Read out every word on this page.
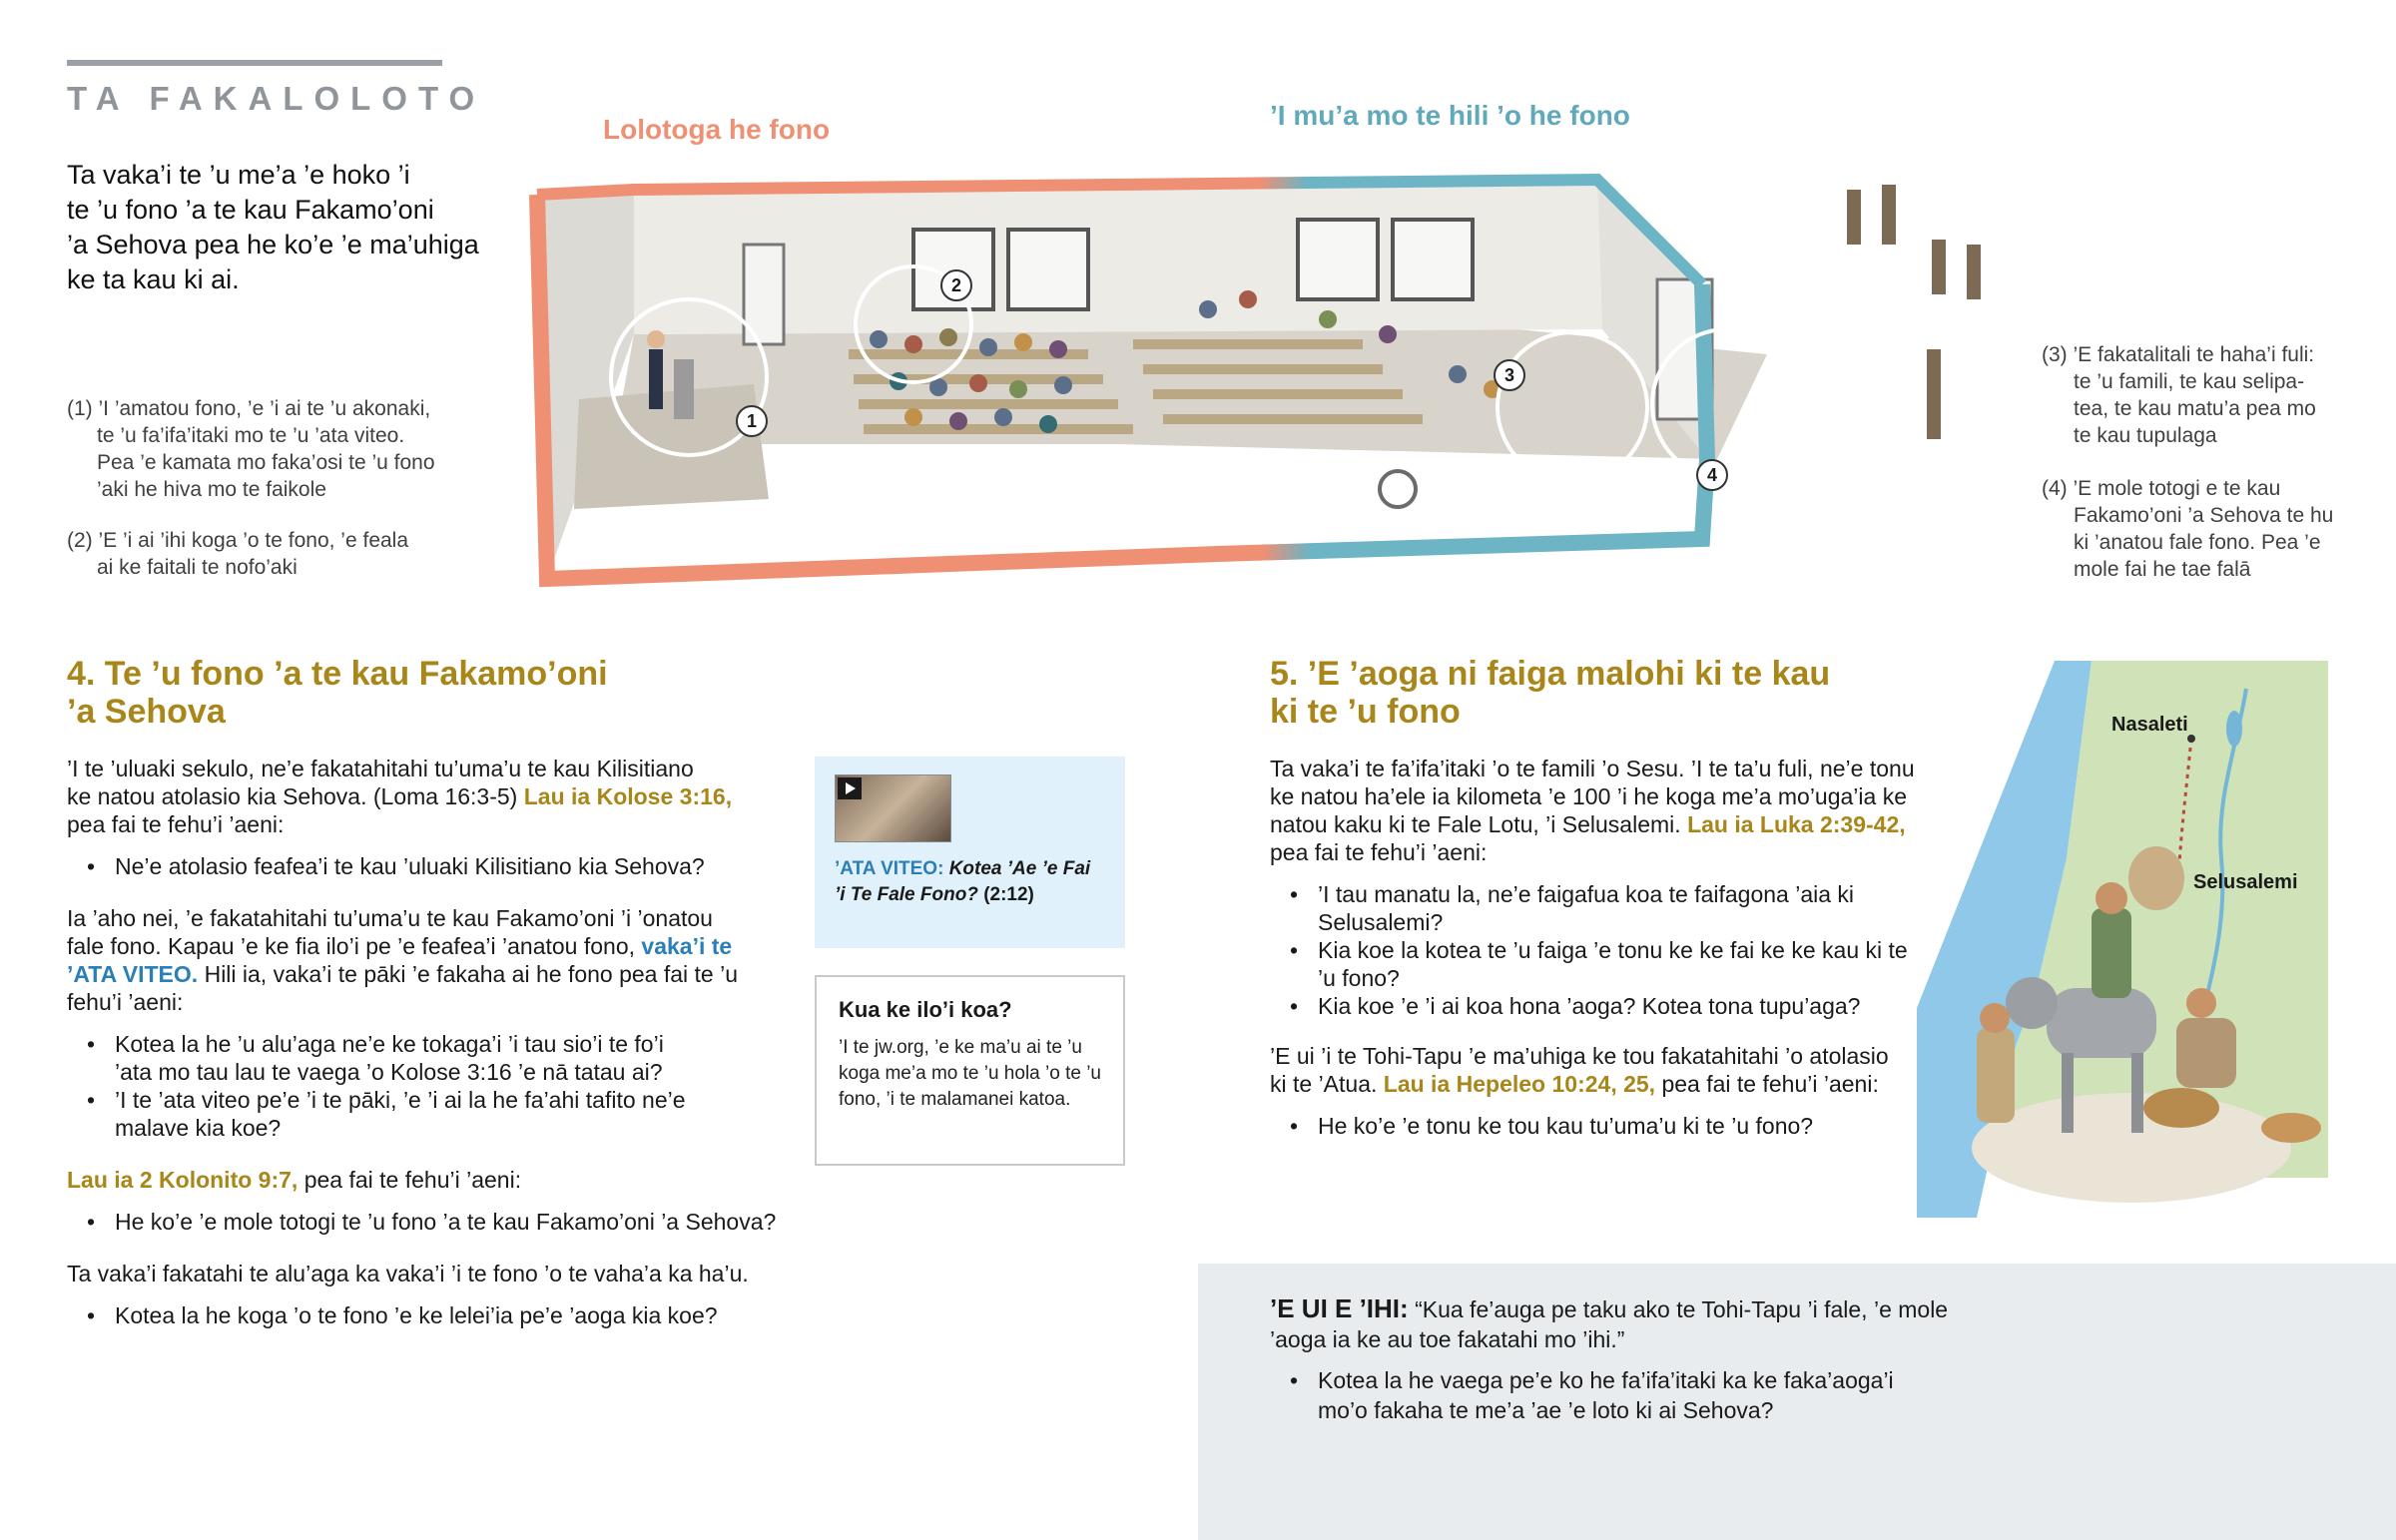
TA FAKALOLOTO
Ta vaka’i te ’u me’a ’e hoko ’i
te ’u fono ’a te kau Fakamo’oni
’a Sehova pea he ko’e ’e ma’uhiga
ke ta kau ki ai.
(1) ’I ’amatou fono, ’e ’i ai te ’u akonaki,
te ’u fa’ifa’itaki mo te ’u ’ata viteo.
Pea ’e kamata mo faka’osi te ’u fono
’aki he hiva mo te faikole
(2) ’E ’i ai ’ihi koga ’o te fono, ’e feala
ai ke faitali te nofo’aki
(3) ’E fakatalitali te haha’i fuli:
te ’u famili, te kau selipa-
tea, te kau matu’a pea mo
te kau tupulaga
(4) ’E mole totogi e te kau
Fakamo’oni ’a Sehova te hu
ki ’anatou fale fono. Pea ’e
mole fai he tae falā
Lolotoga he fono	’I mu’a mo te hili ’o he fono
1
2
3
4
4. Te ’u fono ’a te kau Fakamo’oni
’a Sehova

’I te ’uluaki sekulo, ne’e fakatahitahi tu’uma’u te kau Kilisitiano
ke natou atolasio kia Sehova. (Loma 16:3-5) Lau ia Kolose 3:16,
pea fai te fehu’i ’aeni:

• Ne’e atolasio feafea’i te kau ’uluaki Kilisitiano kia Sehova?

Ia ’aho nei, ’e fakatahitahi tu’uma’u te kau Fakamo’oni ’i ’onatou
fale fono. Kapau ’e ke fia ilo’i pe ’e feafea’i ’anatou fono, vaka’i te ’ATA VITEO. Hili ia, vaka’i te pāki ’e fakaha ai he fono pea fai te ’u fehu’i ’aeni:

• Kotea la he ’u alu’aga ne’e ke tokaga’i ’i tau sio’i te fo’i ’ata mo tau lau te vaega ’o Kolose 3:16 ’e nā tatau ai?
• ’I te ’ata viteo pe’e ’i te pāki, ’e ’i ai la he fa’ahi tafito ne’e malave kia koe?

Lau ia 2 Kolonito 9:7, pea fai te fehu’i ’aeni:

• He ko’e ’e mole totogi te ’u fono ’a te kau Fakamo’oni ’a Sehova?

Ta vaka’i fakatahi te alu’aga ka vaka’i ’i te fono ’o te vaha’a ka ha’u.

• Kotea la he koga ’o te fono ’e ke lelei’ia pe’e ’aoga kia koe?
’ATA VITEO: Kotea ’Ae ’e Fai ’i Te Fale Fono? (2:12)
Kua ke ilo’i koa?
’I te jw.org, ’e ke ma’u ai te ’u koga me’a mo te ’u hola ’o te ’u fono, ’i te malamanei katoa.
5. ’E ’aoga ni faiga malohi ki te kau
ki te ’u fono

Ta vaka’i te fa’ifa’itaki ’o te famili ’o Sesu. ’I te ta’u fuli, ne’e tonu ke natou ha’ele ia kilometa ’e 100 ’i he koga me’a mo’uga’ia ke natou kaku ki te Fale Lotu, ’i Selusalemi. Lau ia Luka 2:39-42, pea fai te fehu’i ’aeni:

• ’I tau manatu la, ne’e faigafua koa te faifagona ’aia ki Selusalemi?
• Kia koe la kotea te ’u faiga ’e tonu ke ke fai ke ke kau ki te ’u fono?
• Kia koe ’e ’i ai koa hona ’aoga? Kotea tona tupu’aga?

’E ui ’i te Tohi-Tapu ’e ma’uhiga ke tou fakatahitahi ’o atolasio ki te ’Atua. Lau ia Hepeleo 10:24, 25, pea fai te fehu’i ’aeni:

• He ko’e ’e tonu ke tou kau tu’uma’u ki te ’u fono?
Nasaleti
Selusalemi
’E UI E ’IHI: “Kua fe’auga pe taku ako te Tohi-Tapu ’i fale, ’e mole ’aoga ia ke au toe fakatahi mo ’ihi.”
• Kotea la he vaega pe’e ko he fa’ifa’itaki ka ke faka’aoga’i mo’o fakaha te me’a ’ae ’e loto ki ai Sehova?
